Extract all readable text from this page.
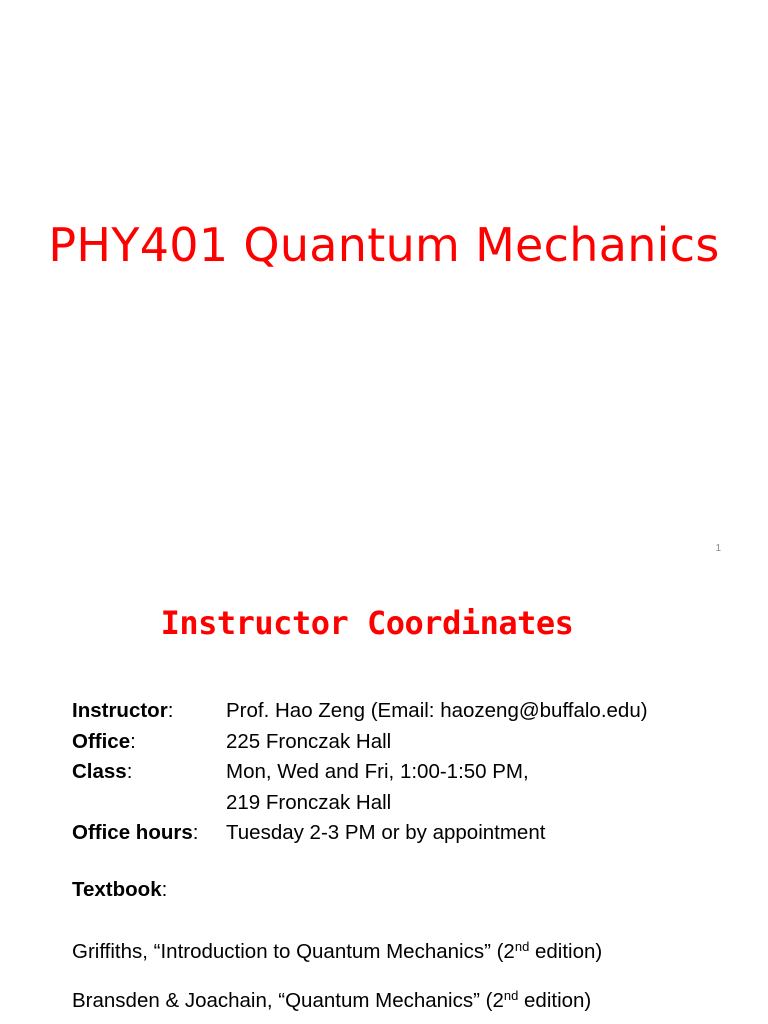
PHY401 Quantum Mechanics
1
Instructor Coordinates
Instructor:	Prof. Hao Zeng (Email: haozeng@buffalo.edu)
Office:	225 Fronczak Hall
Class:	Mon, Wed and Fri, 1:00-1:50 PM,
219 Fronczak Hall
Office hours: Tuesday 2-3 PM or by appointment
Textbook:
Griffiths, “Introduction to Quantum Mechanics” (2nd edition)
Bransden & Joachain, “Quantum Mechanics” (2nd edition)
